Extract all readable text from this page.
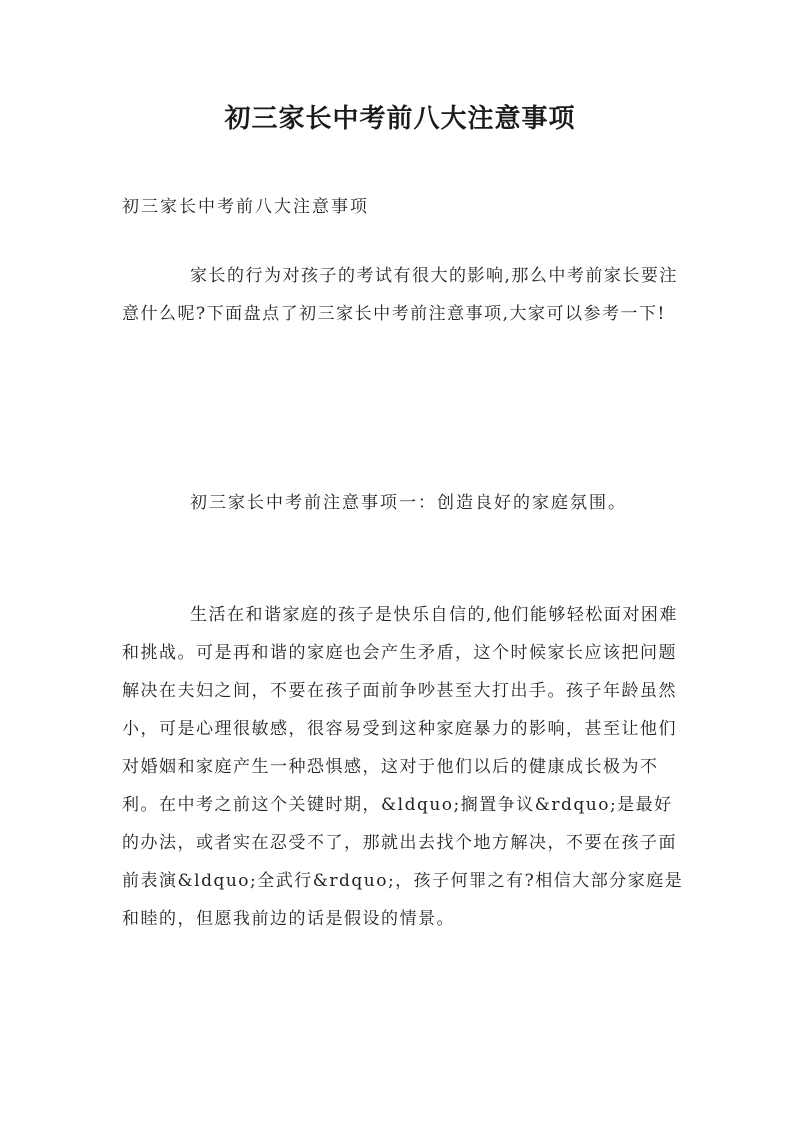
初三家长中考前八大注意事项

初三家长中考前八大注意事项

家长的行为对孩子的考试有很大的影响,那么中考前家长要注意什么呢?下面盘点了初三家长中考前注意事项,大家可以参考一下!

初三家长中考前注意事项一：创造良好的家庭氛围。

生活在和谐家庭的孩子是快乐自信的,他们能够轻松面对困难和挑战。可是再和谐的家庭也会产生矛盾，这个时候家长应该把问题解决在夫妇之间，不要在孩子面前争吵甚至大打出手。孩子年龄虽然小，可是心理很敏感，很容易受到这种家庭暴力的影响，甚至让他们对婚姻和家庭产生一种恐惧感，这对于他们以后的健康成长极为不利。在中考之前这个关键时期，&ldquo;搁置争议&rdquo;是最好的办法，或者实在忍受不了，那就出去找个地方解决，不要在孩子面前表演&ldquo;全武行&rdquo;，孩子何罪之有?相信大部分家庭是和睦的，但愿我前边的话是假设的情景。
